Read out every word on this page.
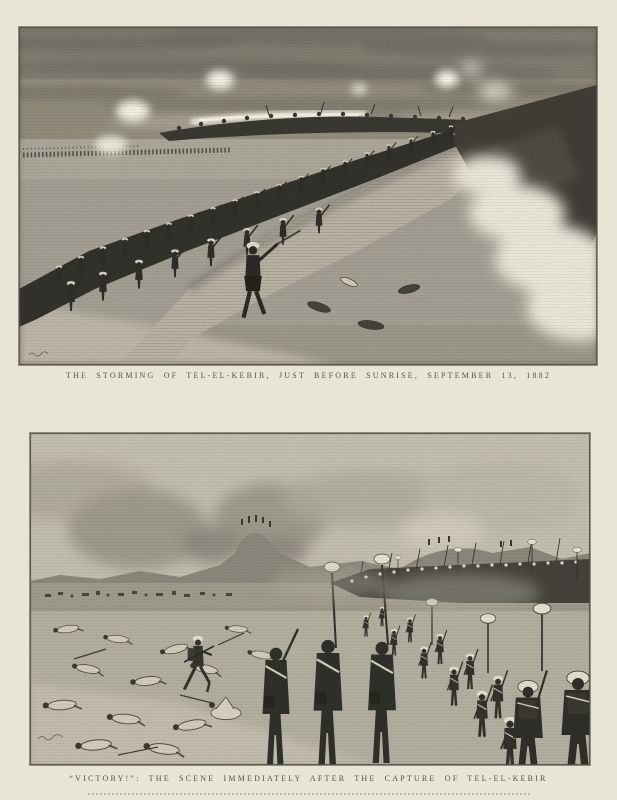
THE STORMING OF TEL-EL-KEBIR, JUST BEFORE SUNRISE, SEPTEMBER 13, 1882
“VICTORY!”: THE SCENE IMMEDIATELY AFTER THE CAPTURE OF TEL-EL-KEBIR
